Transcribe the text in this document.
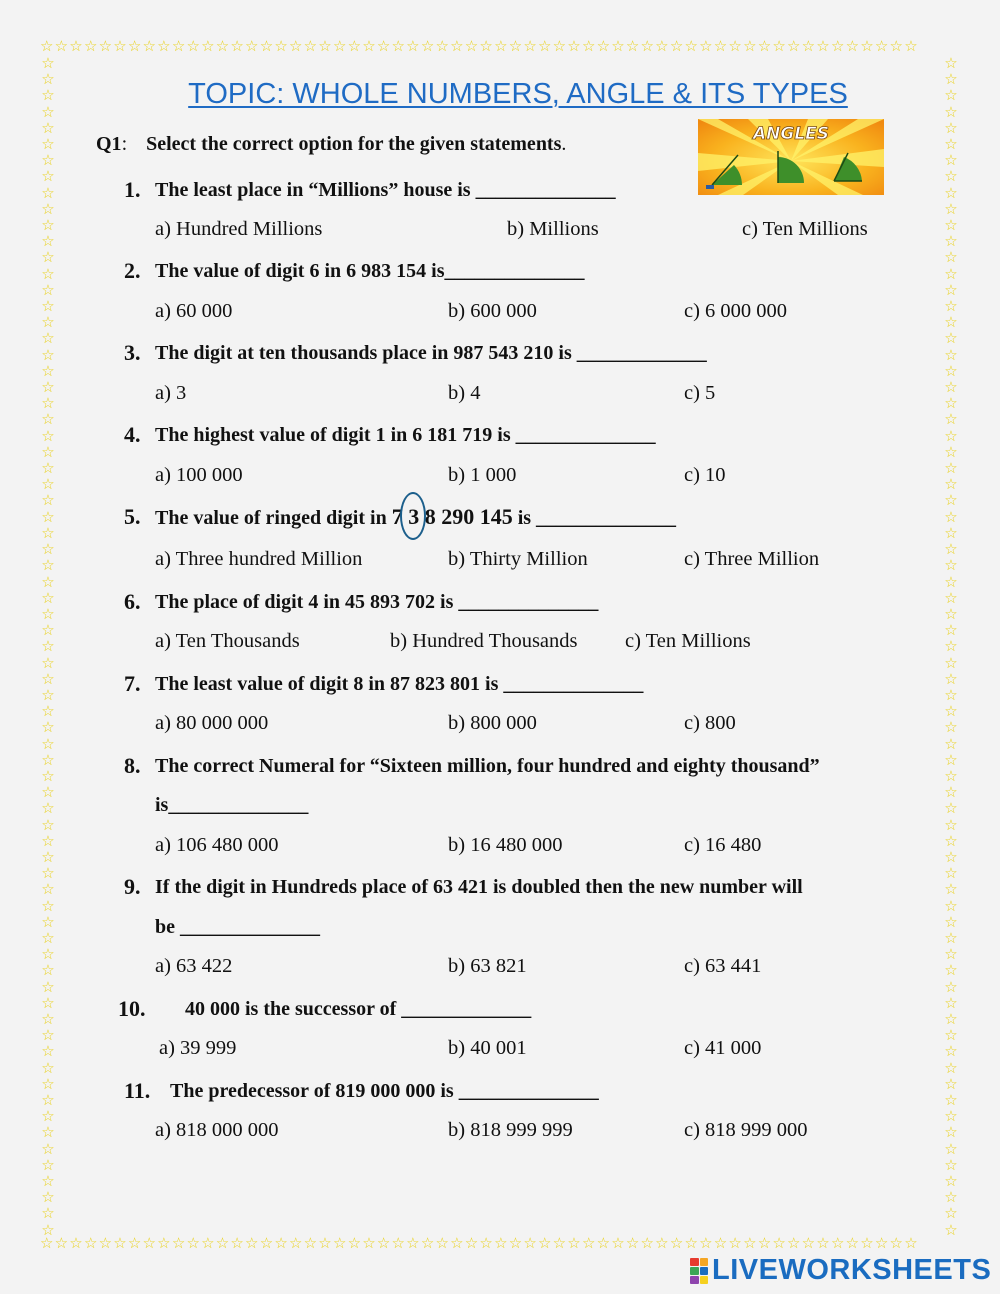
☆☆☆☆☆☆☆☆☆☆☆☆☆☆☆☆☆☆☆☆☆☆☆☆☆☆☆☆☆☆☆☆☆☆☆☆☆☆☆☆☆☆☆☆☆☆☆☆☆☆☆☆☆☆☆☆☆☆☆☆
☆☆☆☆☆☆☆☆☆☆☆☆☆☆☆☆☆☆☆☆☆☆☆☆☆☆☆☆☆☆☆☆☆☆☆☆☆☆☆☆☆☆☆☆☆☆☆☆☆☆☆☆☆☆☆☆☆☆☆☆
☆☆☆☆☆☆☆☆☆☆☆☆☆☆☆☆☆☆☆☆☆☆☆☆☆☆☆☆☆☆☆☆☆☆☆☆☆☆☆☆☆☆☆☆☆☆☆☆☆☆☆☆☆☆☆☆☆☆☆☆☆☆☆☆☆☆☆☆☆☆☆☆☆
☆☆☆☆☆☆☆☆☆☆☆☆☆☆☆☆☆☆☆☆☆☆☆☆☆☆☆☆☆☆☆☆☆☆☆☆☆☆☆☆☆☆☆☆☆☆☆☆☆☆☆☆☆☆☆☆☆☆☆☆☆☆☆☆☆☆☆☆☆☆☆☆☆
TOPIC: WHOLE NUMBERS, ANGLE & ITS TYPES
Q1: Select the correct option for the given statements.	ANGLES
1. The least place in “Millions” house is ______________
a) Hundred Millions	b) Millions	c) Ten Millions
2. The value of digit 6 in 6 983 154 is______________
a) 60 000	b) 600 000	c) 6 000 000
3. The digit at ten thousands place in 987 543 210 is _____________
a) 3	b) 4	c) 5
4. The highest value of digit 1 in 6 181 719 is ______________
a) 100 000	b) 1 000	c) 10
5. The value of ringed digit in 7 3
8 290 145 is ______________
a) Three hundred Million	b) Thirty Million	c) Three Million
6. The place of digit 4 in 45 893 702 is ______________
a) Ten Thousands	b) Hundred Thousands c) Ten Millions
7. The least value of digit 8 in 87 823 801 is ______________
a) 80 000 000	b) 800 000	c) 800
8. The correct Numeral for “Sixteen million, four hundred and eighty thousand”
is______________
a) 106 480 000	b) 16 480 000	c) 16 480
9. If the digit in Hundreds place of 63 421 is doubled then the new number will
be ______________
a) 63 422	b) 63 821	c) 63 441
10. 40 000 is the successor of _____________
a) 39 999	b) 40 001	c) 41 000
11. The predecessor of 819 000 000 is ______________
a) 818 000 000	b) 818 999 999	c) 818 999 000
LIVEWORKSHEETS
